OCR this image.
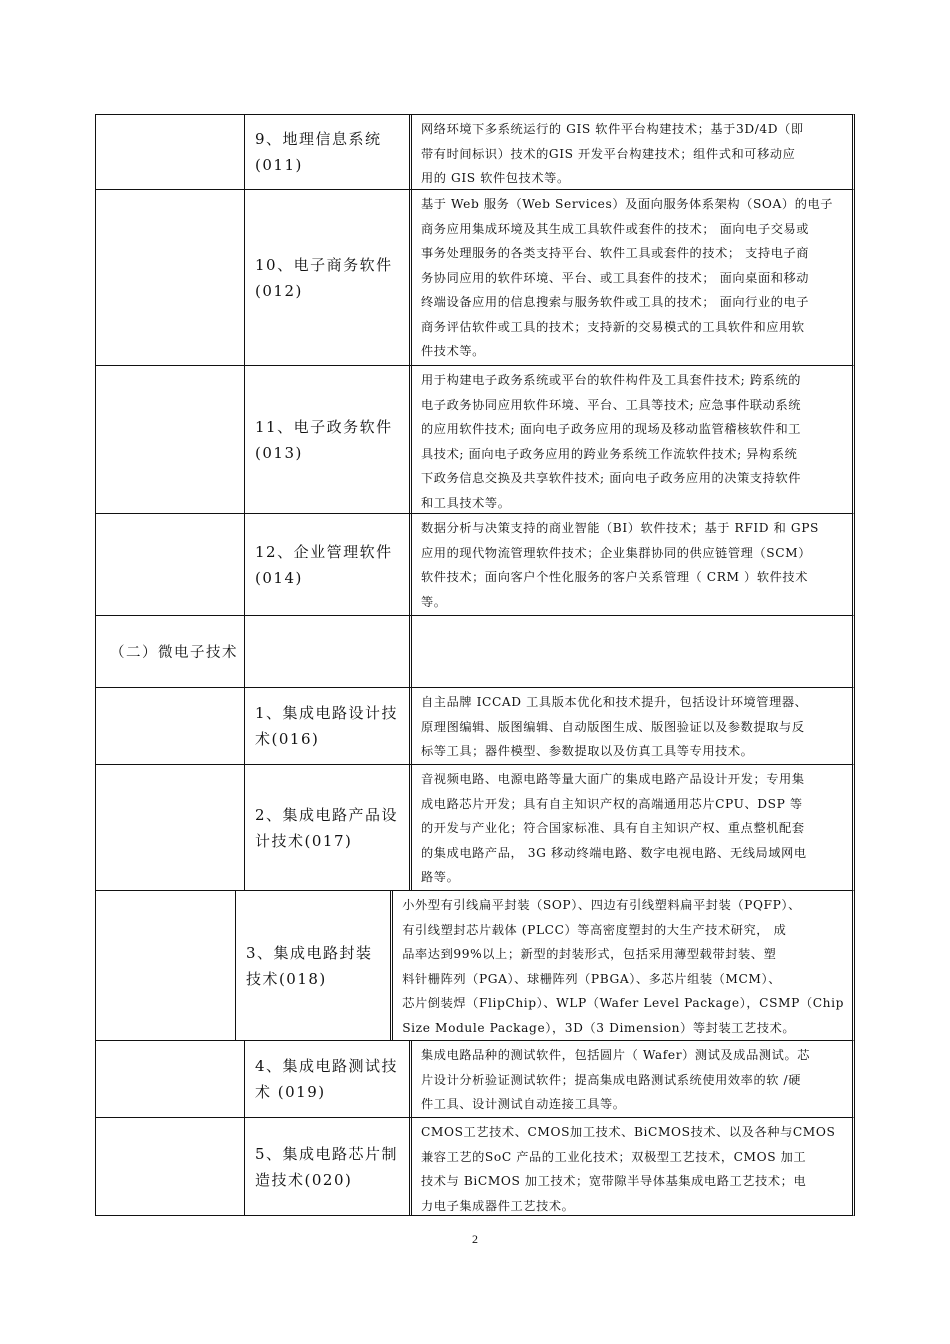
9、地理信息系统(011)
网络环境下多系统运行的 GIS 软件平台构建技术；基于3D/4D（即
带有时间标识）技术的GIS 开发平台构建技术；组件式和可移动应
用的 GIS 软件包技术等。
10、电子商务软件(012)
基于 Web 服务（Web Services）及面向服务体系架构（SOA）的电子
商务应用集成环境及其生成工具软件或套件的技术； 面向电子交易或
事务处理服务的各类支持平台、软件工具或套件的技术； 支持电子商
务协同应用的软件环境、平台、或工具套件的技术； 面向桌面和移动
终端设备应用的信息搜索与服务软件或工具的技术； 面向行业的电子
商务评估软件或工具的技术；支持新的交易模式的工具软件和应用软
件技术等。
11、电子政务软件(013)
用于构建电子政务系统或平台的软件构件及工具套件技术; 跨系统的
电子政务协同应用软件环境、平台、工具等技术; 应急事件联动系统
的应用软件技术; 面向电子政务应用的现场及移动监管稽核软件和工
具技术; 面向电子政务应用的跨业务系统工作流软件技术; 异构系统
下政务信息交换及共享软件技术; 面向电子政务应用的决策支持软件
和工具技术等。
12、企业管理软件(014)
数据分析与决策支持的商业智能（BI）软件技术；基于 RFID 和 GPS
应用的现代物流管理软件技术；企业集群协同的供应链管理（SCM）
软件技术；面向客户个性化服务的客户关系管理（ CRM ）软件技术
等。
（二）微电子技术
1、集成电路设计技术(016)
自主品牌 ICCAD 工具版本优化和技术提升，包括设计环境管理器、
原理图编辑、版图编辑、自动版图生成、版图验证以及参数提取与反
标等工具；器件模型、参数提取以及仿真工具等专用技术。
2、集成电路产品设计技术(017)
音视频电路、电源电路等量大面广的集成电路产品设计开发；专用集
成电路芯片开发；具有自主知识产权的高端通用芯片CPU、DSP 等
的开发与产业化；符合国家标准、具有自主知识产权、重点整机配套
的集成电路产品， 3G 移动终端电路、数字电视电路、无线局域网电
路等。
3、集成电路封装技术(018)
小外型有引线扁平封装（SOP）、四边有引线塑料扁平封装（PQFP）、
有引线塑封芯片载体 (PLCC）等高密度塑封的大生产技术研究， 成
品率达到99%以上；新型的封装形式，包括采用薄型载带封装、塑
料针栅阵列（PGA）、球栅阵列（PBGA）、多芯片组装（MCM）、
芯片倒装焊（FlipChip）、WLP（Wafer Level Package），CSMP（Chip
Size Module Package），3D（3 Dimension）等封装工艺技术。
4、集成电路测试技术 (019)
集成电路品种的测试软件，包括圆片（ Wafer）测试及成品测试。芯
片设计分析验证测试软件；提高集成电路测试系统使用效率的软 /硬
件工具、设计测试自动连接工具等。
5、集成电路芯片制造技术(020)
CMOS工艺技术、CMOS加工技术、BiCMOS技术、以及各种与CMOS
兼容工艺的SoC 产品的工业化技术；双极型工艺技术，CMOS 加工
技术与 BiCMOS 加工技术；宽带隙半导体基集成电路工艺技术；电
力电子集成器件工艺技术。
2
